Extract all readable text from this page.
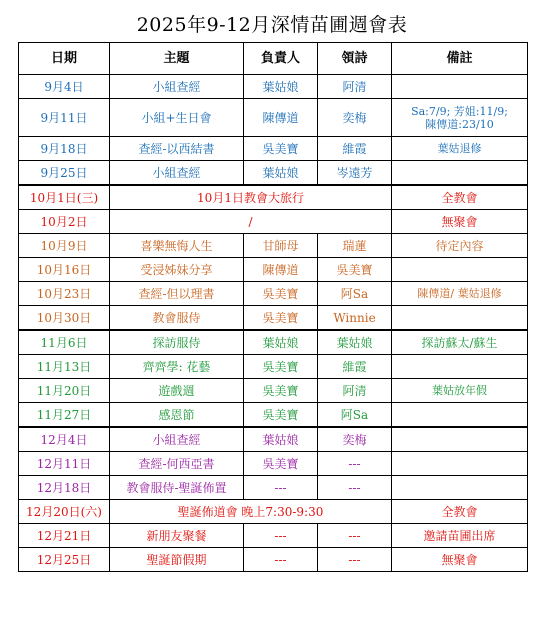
2025年9-12月深情苗圃週會表
日期	主題	負責人	領詩	備註
9月4日	小組查經	葉姑娘	阿清	
9月11日	小組+生日會	陳傳道	奕梅	Sa:7/9; 芳姐:11/9;
陳傳道:23/10
9月18日	查經-以西結書	吳美寶	維霞	葉姑退修
9月25日	小組查經	葉姑娘	岑遠芳	
10月1日(三)	10月1日教會大旅行			全教會
10月2日	/			無聚會
10月9日	喜樂無悔人生	甘師母	瑞蓮	待定內容
10月16日	受浸姊妹分享	陳傳道	吳美寶	
10月23日	查經-但以理書	吳美寶	阿Sa	陳傳道/ 葉姑退修
10月30日	教會服侍	吳美寶	Winnie	
11月6日	探訪服侍	葉姑娘	葉姑娘	探訪蘇太/蘇生
11月13日	齊齊學: 花藝	吳美寶	維霞	
11月20日	遊戲週	吳美寶	阿清	葉姑放年假
11月27日	感恩節	吳美寶	阿Sa	
12月4日	小組查經	葉姑娘	奕梅	
12月11日	查經-何西亞書	吳美寶	---	
12月18日	教會服侍-聖誕佈置	---	---	
12月20日(六)	聖誕佈道會 晚上7:30-9:30			全教會
12月21日	新朋友聚餐	---	---	邀請苗圃出席
12月25日	聖誕節假期	---	---	無聚會
